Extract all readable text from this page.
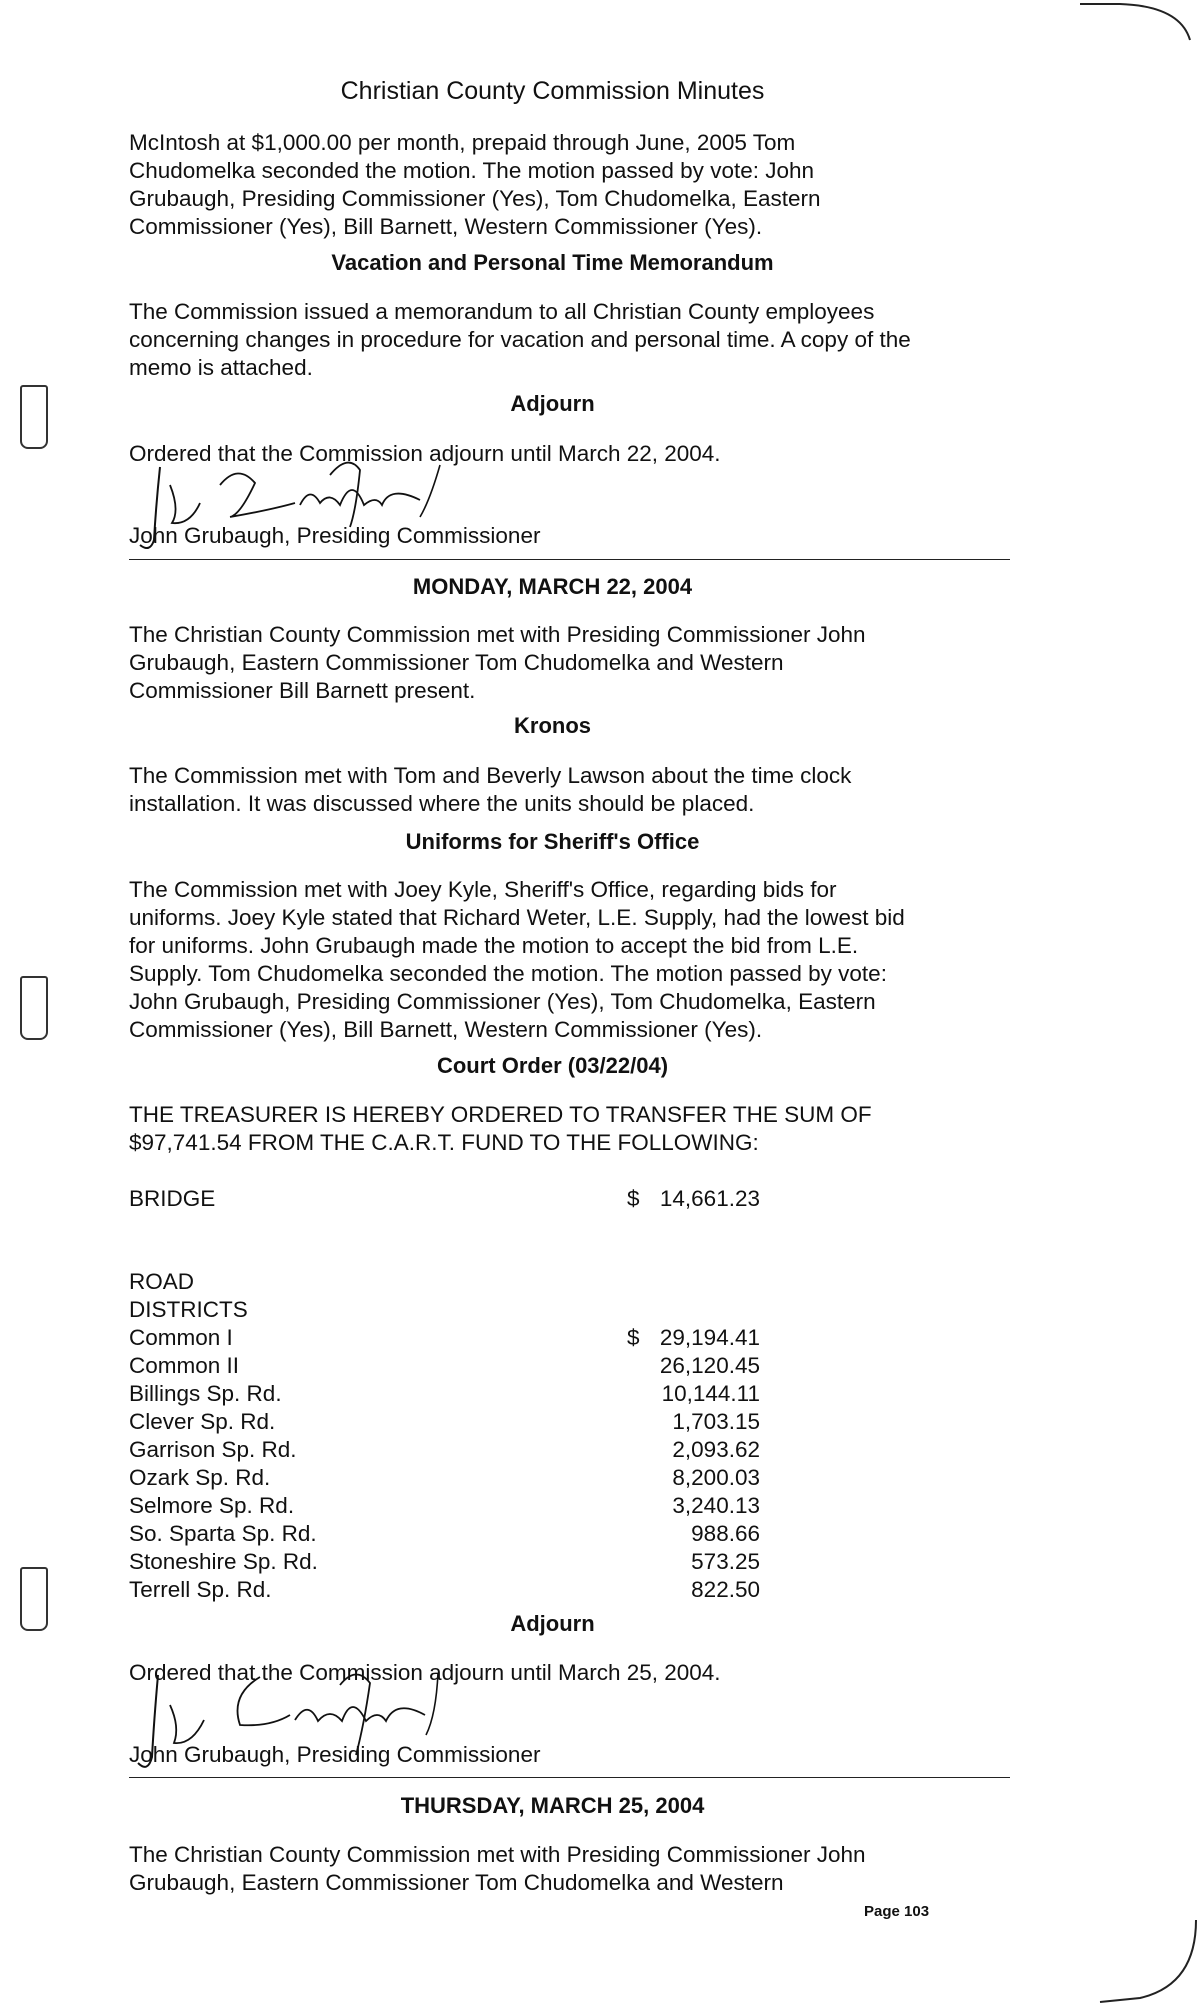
Christian County Commission Minutes
McIntosh at $1,000.00 per month, prepaid through June, 2005 Tom
Chudomelka seconded the motion. The motion passed by vote: John
Grubaugh, Presiding Commissioner (Yes), Tom Chudomelka, Eastern
Commissioner (Yes), Bill Barnett, Western Commissioner (Yes).
Vacation and Personal Time Memorandum
The Commission issued a memorandum to all Christian County employees
concerning changes in procedure for vacation and personal time. A copy of the
memo is attached.
Adjourn
Ordered that the Commission adjourn until March 22, 2004.
John Grubaugh, Presiding Commissioner
MONDAY, MARCH 22, 2004
The Christian County Commission met with Presiding Commissioner John
Grubaugh, Eastern Commissioner Tom Chudomelka and Western
Commissioner Bill Barnett present.
Kronos
The Commission met with Tom and Beverly Lawson about the time clock
installation. It was discussed where the units should be placed.
Uniforms for Sheriff's Office
The Commission met with Joey Kyle, Sheriff's Office, regarding bids for
uniforms. Joey Kyle stated that Richard Weter, L.E. Supply, had the lowest bid
for uniforms. John Grubaugh made the motion to accept the bid from L.E.
Supply. Tom Chudomelka seconded the motion. The motion passed by vote:
John Grubaugh, Presiding Commissioner (Yes), Tom Chudomelka, Eastern
Commissioner (Yes), Bill Barnett, Western Commissioner (Yes).
Court Order (03/22/04)
THE TREASURER IS HEREBY ORDERED TO TRANSFER THE SUM OF
$97,741.54 FROM THE C.A.R.T. FUND TO THE FOLLOWING:
BRIDGE	$ 14,661.23
ROAD
DISTRICTS
$
Common I	29,194.41
Common II	26,120.45
Billings Sp. Rd.	10,144.11
Clever Sp. Rd.	1,703.15
Garrison Sp. Rd.	2,093.62
Ozark Sp. Rd.	8,200.03
Selmore Sp. Rd.	3,240.13
So. Sparta Sp. Rd.	988.66
Stoneshire Sp. Rd.	573.25
Terrell Sp. Rd.	822.50
Adjourn
Ordered that the Commission adjourn until March 25, 2004.
John Grubaugh, Presiding Commissioner
THURSDAY, MARCH 25, 2004
The Christian County Commission met with Presiding Commissioner John
Grubaugh, Eastern Commissioner Tom Chudomelka and Western
Page 103
